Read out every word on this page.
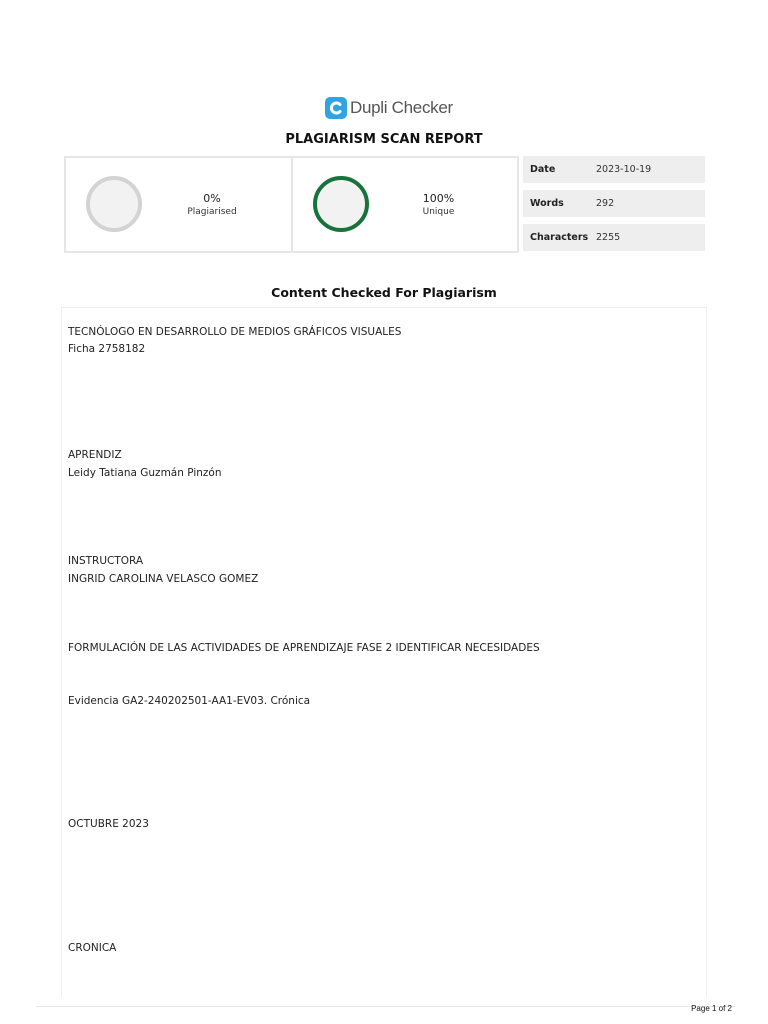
Dupli Checker
PLAGIARISM SCAN REPORT
0%
Plagiarised
100%
Unique
Date	2023-10-19
Words	292
Characters 2255
Content Checked For Plagiarism
TECNÓLOGO EN DESARROLLO DE MEDIOS GRÁFICOS VISUALES
Ficha 2758182
APRENDIZ
Leidy Tatiana Guzmán Pinzón
INSTRUCTORA
INGRID CAROLINA VELASCO GOMEZ
FORMULACIÓN DE LAS ACTIVIDADES DE APRENDIZAJE FASE 2 IDENTIFICAR NECESIDADES
Evidencia GA2-240202501-AA1-EV03. Crónica
OCTUBRE 2023
CRONICA
Page 1 of 2
